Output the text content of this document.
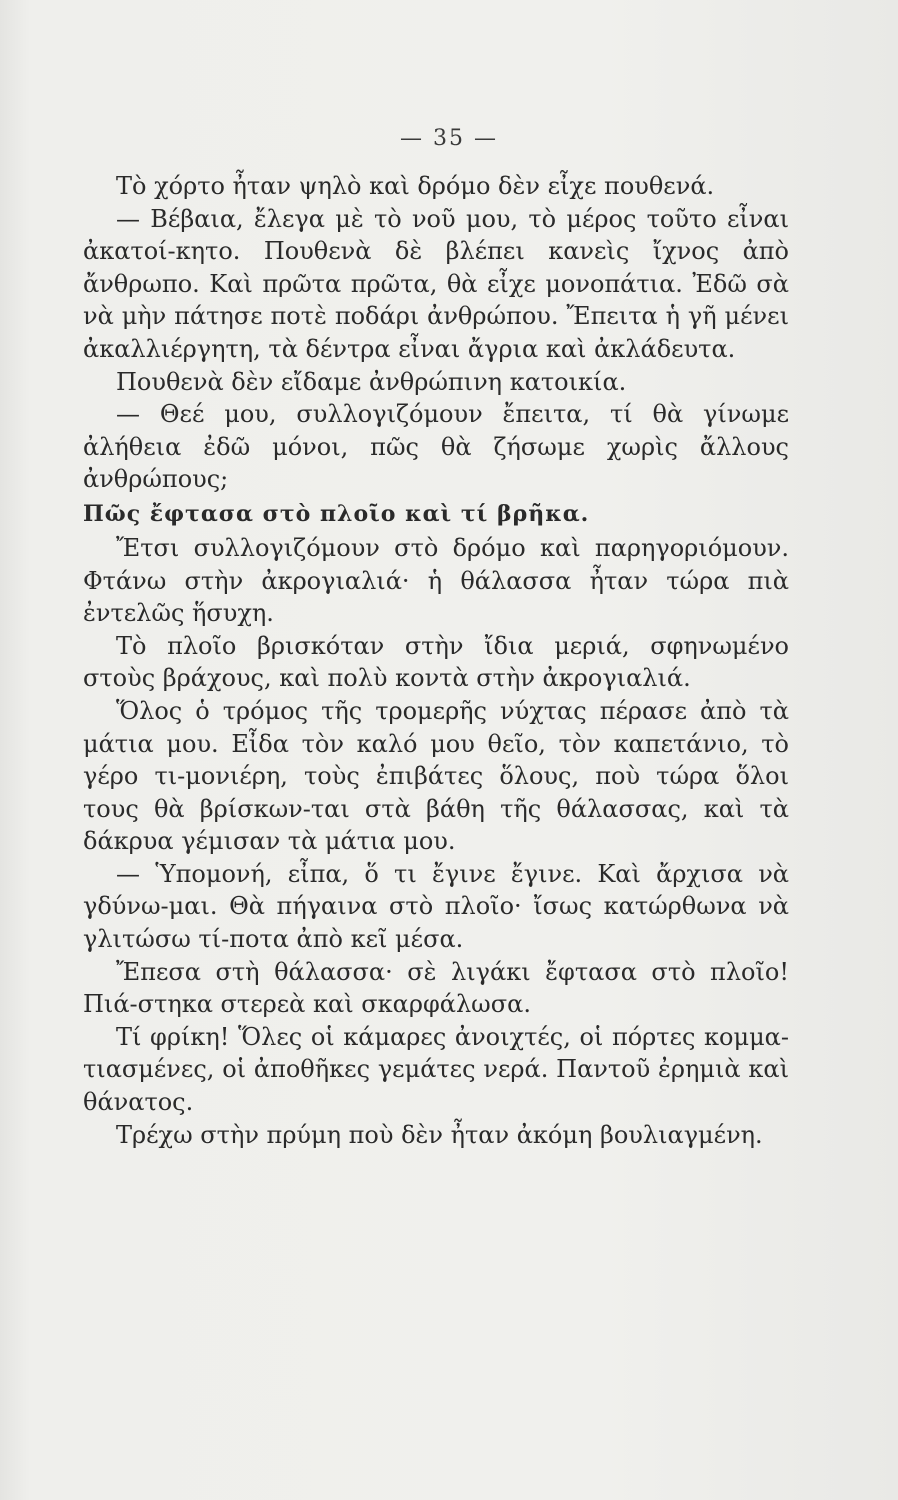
— 35 —

Τὸ χόρτο ἦταν ψηλὸ καὶ δρόμο δὲν εἶχε πουθενά.

— Βέβαια, ἔλεγα μὲ τὸ νοῦ μου, τὸ μέρος τοῦτο εἶναι ἀκατοί-κητο. Πουθενὰ δὲ βλέπει κανεὶς ἴχνος ἀπὸ ἄνθρωπο. Καὶ πρῶτα πρῶτα, θὰ εἶχε μονοπάτια. Ἐδῶ σὰ νὰ μὴν πάτησε ποτὲ ποδάρι ἀνθρώπου. Ἔπειτα ἡ γῆ μένει ἀκαλλιέργητη, τὰ δέντρα εἶναι ἄγρια καὶ ἀκλάδευτα.

Πουθενὰ δὲν εἴδαμε ἀνθρώπινη κατοικία.

— Θεέ μου, συλλογιζόμουν ἔπειτα, τί θὰ γίνωμε ἀλήθεια ἐδῶ μόνοι, πῶς θὰ ζήσωμε χωρὶς ἄλλους ἀνθρώπους;

Πῶς ἔφτασα στὸ πλοῖο καὶ τί βρῆκα.

Ἔτσι συλλογιζόμουν στὸ δρόμο καὶ παρηγοριόμουν. Φτάνω στὴν ἀκρογιαλιά· ἡ θάλασσα ἦταν τώρα πιὰ ἐντελῶς ἥσυχη.

Τὸ πλοῖο βρισκόταν στὴν ἴδια μεριά, σφηνωμένο στοὺς βράχους, καὶ πολὺ κοντὰ στὴν ἀκρογιαλιά.

Ὅλος ὁ τρόμος τῆς τρομερῆς νύχτας πέρασε ἀπὸ τὰ μάτια μου. Εἶδα τὸν καλό μου θεῖο, τὸν καπετάνιο, τὸ γέρο τι-μονιέρη, τοὺς ἐπιβάτες ὅλους, ποὺ τώρα ὅλοι τους θὰ βρίσκων-ται στὰ βάθη τῆς θάλασσας, καὶ τὰ δάκρυα γέμισαν τὰ μάτια μου.

— Ὑπομονή, εἶπα, ὅ τι ἔγινε ἔγινε. Καὶ ἄρχισα νὰ γδύνω-μαι. Θὰ πήγαινα στὸ πλοῖο· ἴσως κατώρθωνα νὰ γλιτώσω τί-ποτα ἀπὸ κεῖ μέσα.

Ἔπεσα στὴ θάλασσα· σὲ λιγάκι ἔφτασα στὸ πλοῖο! Πιά-στηκα στερεὰ καὶ σκαρφάλωσα.

Τί φρίκη! Ὅλες οἱ κάμαρες ἀνοιχτές, οἱ πόρτες κομμα-τιασμένες, οἱ ἀποθῆκες γεμάτες νερά. Παντοῦ ἐρημιὰ καὶ θάνατος.

Τρέχω στὴν πρύμη ποὺ δὲν ἦταν ἀκόμη βουλιαγμένη.
